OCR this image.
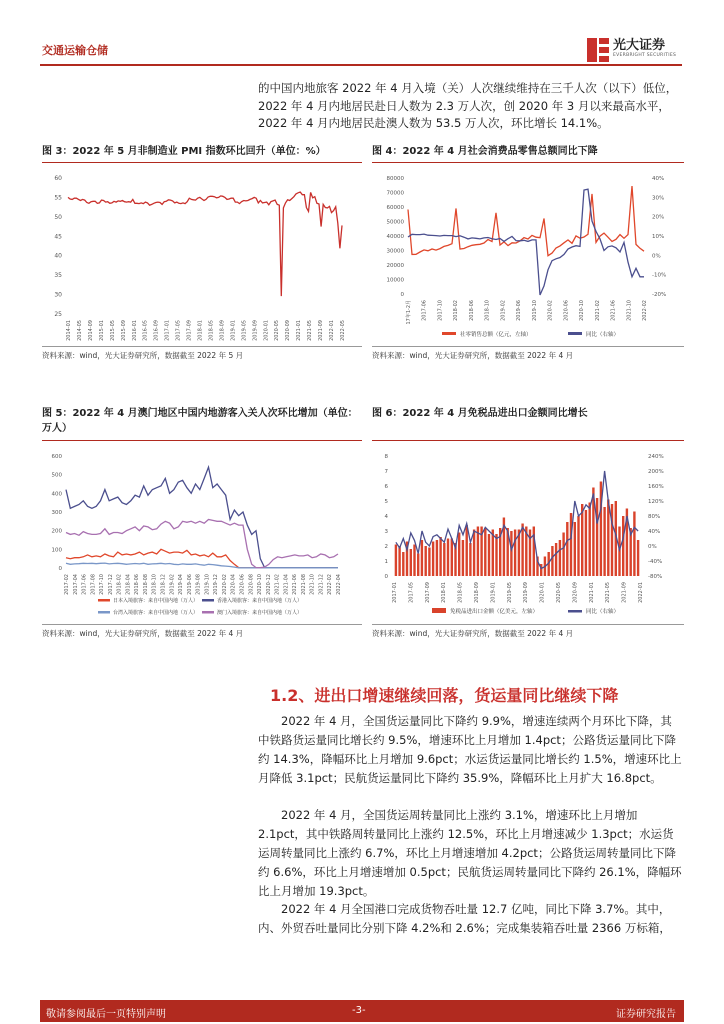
交通运输仓储	光大证券
EVERBRIGHT SECURITIES
的中国内地旅客 2022 年 4 月入境（关）人次继续维持在三千人次（以下）低位，2022 年 4 月内地居民赴日人数为 2.3 万人次，创 2020 年 3 月以来最高水平，2022 年 4 月内地居民赴澳人数为 53.5 万人次，环比增长 14.1%。
图 3：2022 年 5 月非制造业 PMI 指数环比回升（单位：%）
25
30
35
40
45
50
55
60
2014-01 2014-05 2014-09 2015-01 2015-05 2015-09 2016-01 2016-05 2016-09 2017-01 2017-05 2017-09 2018-01 2018-05 2018-09 2019-01 2019-05 2019-09 2020-01 2020-05 2020-09 2021-01 2021-05 2021-09 2022-01 2022-05
资料来源：wind，光大证券研究所，数据截至 2022 年 5 月
图 4：2022 年 4 月社会消费品零售总额同比下降
0
10000
20000
30000
40000
50000
60000
70000
80000
-20%
-10%
0%
10%
20%
30%
40%
17年1-2月 2017-06 2017-10 2018-02 2018-06 2018-10 2019-02 2019-06 2019-10 2020-02 2020-06 2020-10 2021-02 2021-06 2021-10 2022-02
社零销售总额（亿元，左轴）	同比（右轴）
资料来源：wind，光大证券研究所，数据截至 2022 年 4 月
图 5：2022 年 4 月澳门地区中国内地游客入关人次环比增加（单位：万人）
0
100
200
300
400
500
600
2017-02 2017-04 2017-06 2017-08 2017-10 2017-12 2018-02 2018-04 2018-06 2018-08 2018-10 2018-12 2019-02 2019-04 2019-06 2019-08 2019-10 2019-12 2020-02 2020-04 2020-06 2020-08 2020-10 2020-12 2021-02 2021-04 2021-06 2021-08 2021-10 2021-12 2022-02 2022-04
日本入境旅客：来自中国内地（万人）	香港入境旅客：来自中国内地（万人）
台湾入境旅客：来自中国内地（万人）	澳门入境旅客：来自中国内地（万人）
资料来源：wind，光大证券研究所，数据截至 2022 年 4 月
图 6：2022 年 4 月免税品进出口金额同比增长
0
1
2
3
4
5
6
7
8
-80%
-40%
0%
40%
80%
120%
160%
200%
240%
2017-01 2017-05 2017-09 2018-01 2018-05 2018-09 2019-01 2019-05 2019-09 2020-01 2020-05 2020-09 2021-01 2021-05 2021-09 2022-01
免税品进出口金额（亿美元，左轴）	同比（右轴）
资料来源：wind，光大证券研究所，数据截至 2022 年 4 月
1.2、进出口增速继续回落，货运量同比继续下降
2022 年 4 月，全国货运量同比下降约 9.9%，增速连续两个月环比下降，其中铁路货运量同比增长约 9.5%，增速环比上月增加 1.4pct；公路货运量同比下降约 14.3%，降幅环比上月增加 9.6pct；水运货运量同比增长约 1.5%，增速环比上月降低 3.1pct；民航货运量同比下降约 35.9%，降幅环比上月扩大 16.8pct。
2022 年 4 月，全国货运周转量同比上涨约 3.1%，增速环比上月增加 2.1pct，其中铁路周转量同比上涨约 12.5%，环比上月增速减少 1.3pct；水运货运周转量同比上涨约 6.7%，环比上月增速增加 4.2pct；公路货运周转量同比下降约 6.6%，环比上月增速增加 0.5pct；民航货运周转量同比下降约 26.1%，降幅环比上月增加 19.3pct。
2022 年 4 月全国港口完成货物吞吐量 12.7 亿吨，同比下降 3.7%。其中，内、外贸吞吐量同比分别下降 4.2%和 2.6%；完成集装箱吞吐量 2366 万标箱，
敬请参阅最后一页特别声明	-3-	证券研究报告
